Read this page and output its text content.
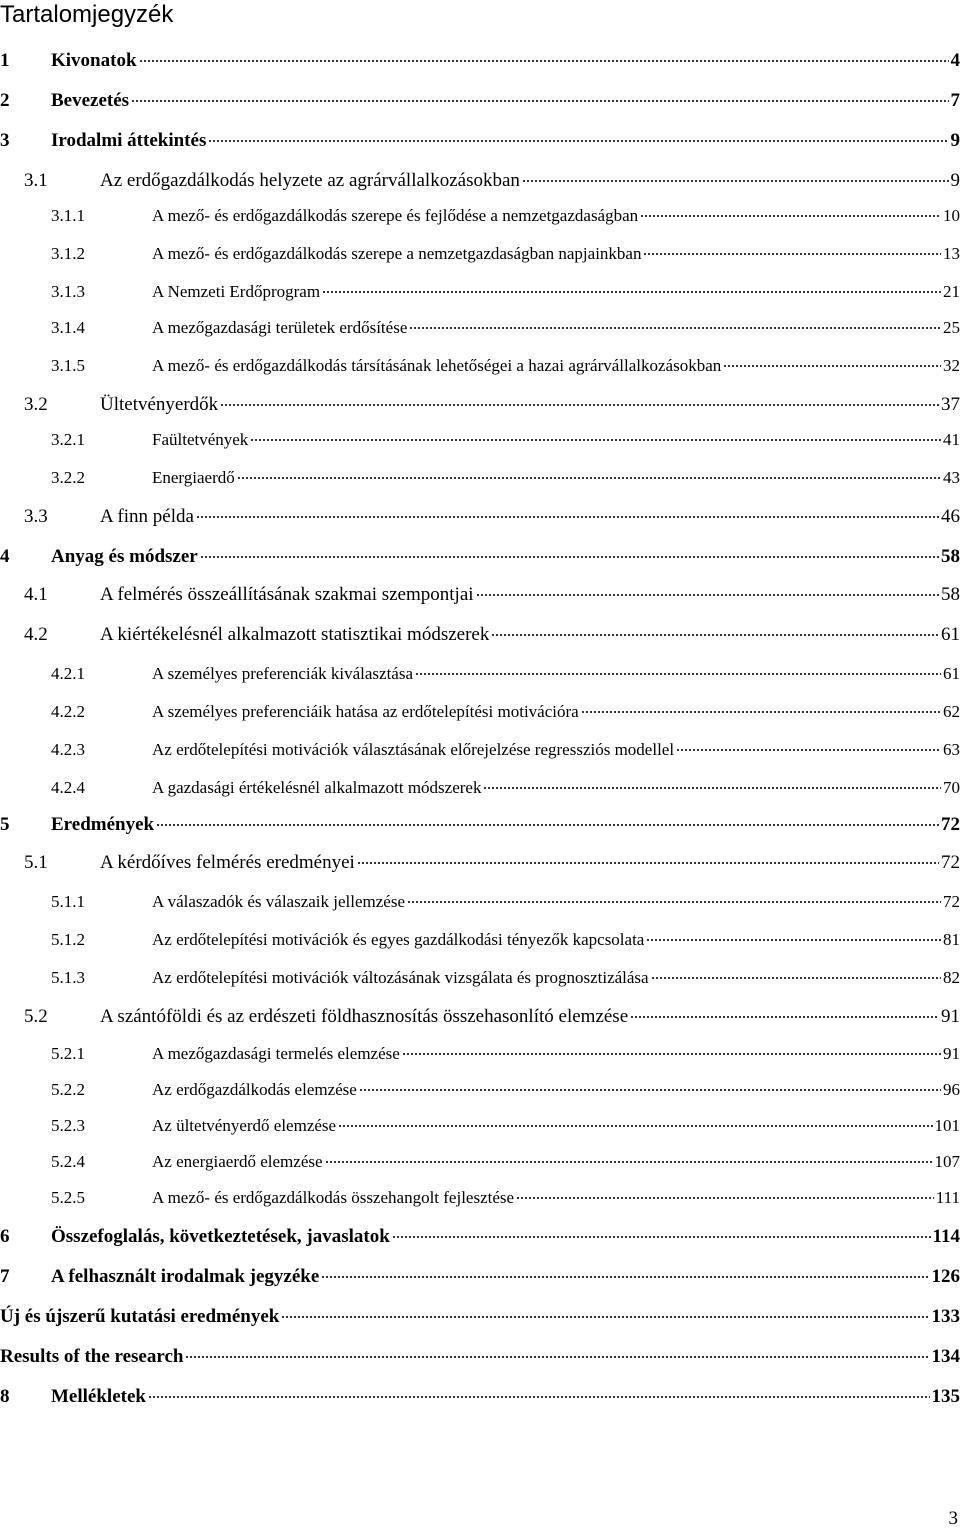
Tartalomjegyzék
1	Kivonatok	4
2	Bevezetés	7
3	Irodalmi áttekintés	9
3.1	Az erdőgazdálkodás helyzete az agrárvállalkozásokban	9
3.1.1	A mező- és erdőgazdálkodás szerepe és fejlődése a nemzetgazdaságban	10
3.1.2	A mező- és erdőgazdálkodás szerepe a nemzetgazdaságban napjainkban	13
3.1.3	A Nemzeti Erdőprogram	21
3.1.4	A mezőgazdasági területek erdősítése	25
3.1.5	A mező- és erdőgazdálkodás társításának lehetőségei a hazai agrárvállalkozásokban	32
3.2	Ültetvényerdők	37
3.2.1	Faültetvények	41
3.2.2	Energiaerdő	43
3.3	A finn példa	46
4	Anyag és módszer	58
4.1	A felmérés összeállításának szakmai szempontjai	58
4.2	A kiértékelésnél alkalmazott statisztikai módszerek	61
4.2.1	A személyes preferenciák kiválasztása	61
4.2.2	A személyes preferenciáik hatása az erdőtelepítési motivációra	62
4.2.3	Az erdőtelepítési motivációk választásának előrejelzése regressziós modellel	63
4.2.4	A gazdasági értékelésnél alkalmazott módszerek	70
5	Eredmények	72
5.1	A kérdőíves felmérés eredményei	72
5.1.1	A válaszadók és válaszaik jellemzése	72
5.1.2	Az erdőtelepítési motivációk és egyes gazdálkodási tényezők kapcsolata	81
5.1.3	Az erdőtelepítési motivációk változásának vizsgálata és prognosztizálása	82
5.2	A szántóföldi és az erdészeti földhasznosítás összehasonlító elemzése	91
5.2.1	A mezőgazdasági termelés elemzése	91
5.2.2	Az erdőgazdálkodás elemzése	96
5.2.3	Az ültetvényerdő elemzése	101
5.2.4	Az energiaerdő elemzése	107
5.2.5	A mező- és erdőgazdálkodás összehangolt fejlesztése	111
6	Összefoglalás, következtetések, javaslatok	114
7	A felhasznált irodalmak jegyzéke	126
Új és újszerű kutatási eredmények	133
Results of the research	134
8	Mellékletek	135
3
